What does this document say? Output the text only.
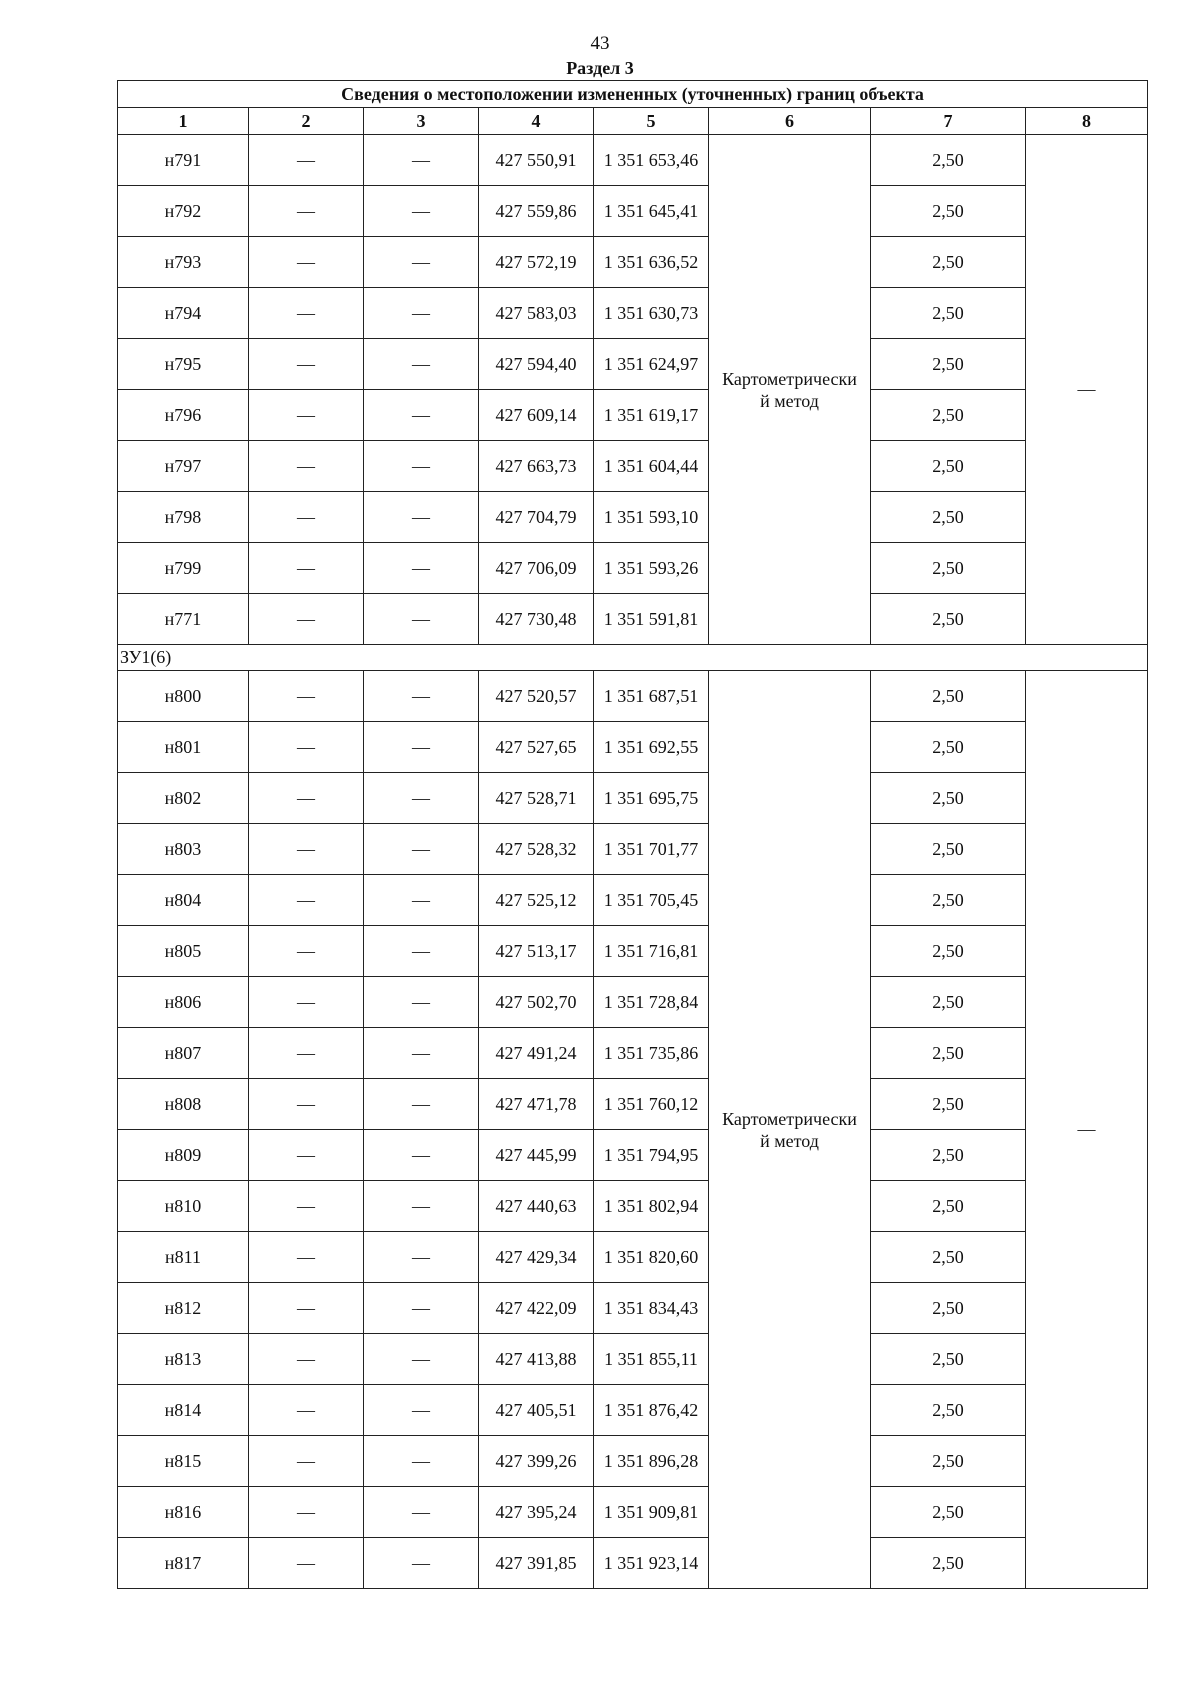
43
Раздел 3
Сведения о местоположении измененных (уточненных) границ объекта							
1	2	3	4	5	6	7	8
н791	—	—	427 550,91	1 351 653,46	Картометрически
й метод	2,50	—
н792	—	—	427 559,86	1 351 645,41		2,50	
н793	—	—	427 572,19	1 351 636,52		2,50	
н794	—	—	427 583,03	1 351 630,73		2,50	
н795	—	—	427 594,40	1 351 624,97		2,50	
н796	—	—	427 609,14	1 351 619,17		2,50	
н797	—	—	427 663,73	1 351 604,44		2,50	
н798	—	—	427 704,79	1 351 593,10		2,50	
н799	—	—	427 706,09	1 351 593,26		2,50	
н771	—	—	427 730,48	1 351 591,81		2,50	
ЗУ1(6)							
н800	—	—	427 520,57	1 351 687,51	Картометрически
й метод	2,50	—
н801	—	—	427 527,65	1 351 692,55		2,50	
н802	—	—	427 528,71	1 351 695,75		2,50	
н803	—	—	427 528,32	1 351 701,77		2,50	
н804	—	—	427 525,12	1 351 705,45		2,50	
н805	—	—	427 513,17	1 351 716,81		2,50	
н806	—	—	427 502,70	1 351 728,84		2,50	
н807	—	—	427 491,24	1 351 735,86		2,50	
н808	—	—	427 471,78	1 351 760,12		2,50	
н809	—	—	427 445,99	1 351 794,95		2,50	
н810	—	—	427 440,63	1 351 802,94		2,50	
н811	—	—	427 429,34	1 351 820,60		2,50	
н812	—	—	427 422,09	1 351 834,43		2,50	
н813	—	—	427 413,88	1 351 855,11		2,50	
н814	—	—	427 405,51	1 351 876,42		2,50	
н815	—	—	427 399,26	1 351 896,28		2,50	
н816	—	—	427 395,24	1 351 909,81		2,50	
н817	—	—	427 391,85	1 351 923,14		2,50	
